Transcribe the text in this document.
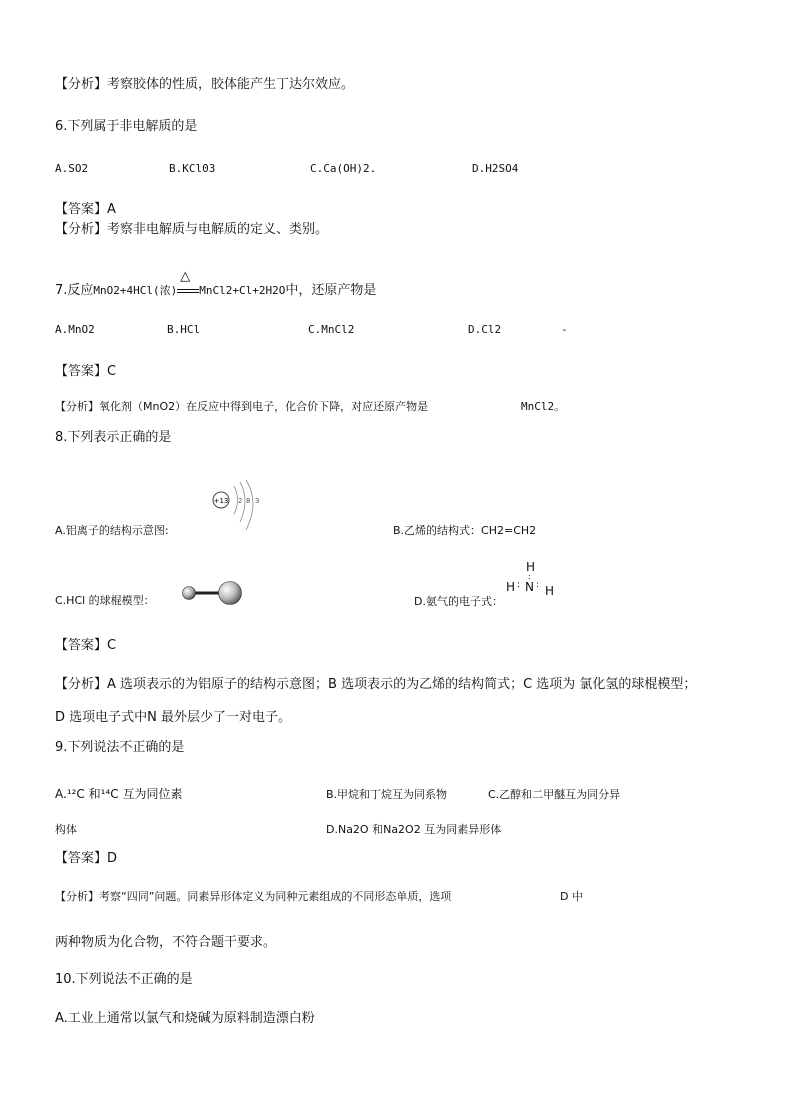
【分析】考察胶体的性质，胶体能产生丁达尔效应。
6.下列属于非电解质的是
A.SO2	B.KCl03	C.Ca(OH)2.	D.H2SO4
【答案】A
【分析】考察非电解质与电解质的定义、类别。
7.反应MnO2+4HCl(浓)
△
MnCl2+Cl+2H2O中，还原产物是
A.MnO2	B.HCl	C.MnCl2	D.Cl2	-
【答案】C
【分析】氧化剂（MnO2）在反应中得到电子，化合价下降，对应还原产物是	MnCl2。
8.下列表示正确的是
A.铝离子的结构示意图:
+13 2 8 3
B.乙烯的结构式：CH2=CH2
C.HCl 的球棍模型：	D.氨气的电子式：
H
:
H : N : H
【答案】C
【分析】A 选项表示的为铝原子的结构示意图；B 选项表示的为乙烯的结构简式；C 选项为 氯化氢的球棍模型；
D 选项电子式中N 最外层少了一对电子。
9.下列说法不正确的是
A.¹²C 和¹⁴C 互为同位素	B.甲烷和丁烷互为同系物	C.乙醇和二甲醚互为同分异
构体	D.Na2O 和Na2O2 互为同素异形体
【答案】D
【分析】考察“四同”问题。同素异形体定义为同种元素组成的不同形态单质，选项	D 中
两种物质为化合物，不符合题干要求。
10.下列说法不正确的是
A.工业上通常以氯气和烧碱为原料制造漂白粉
